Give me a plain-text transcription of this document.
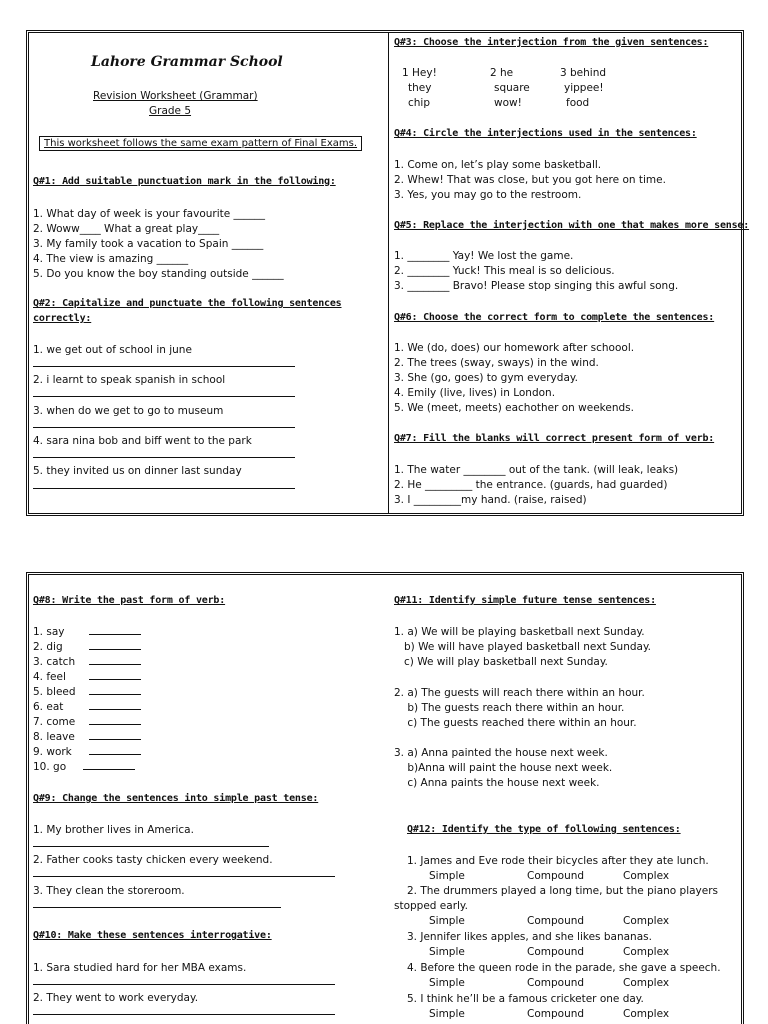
Lahore Grammar School
Revision Worksheet (Grammar)
Grade 5
This worksheet follows the same exam pattern of Final Exams.
Q#1: Add suitable punctuation mark in the following:
1. What day of week is your favourite ______
2. Woww____ What a great play____
3. My family took a vacation to Spain ______
4. The view is amazing ______
5. Do you know the boy standing outside ______
Q#2: Capitalize and punctuate the following sentences
correctly:
1. we get out of school in june
2. i learnt to speak spanish in school
3. when do we get to go to museum
4. sara nina bob and biff went to the park
5. they invited us on dinner last sunday
Q#3: Choose the interjection from the given sentences:
1 Hey!	2 he	3 behind
they	square	yippee!
chip	wow!	food
Q#4: Circle the interjections used in the sentences:
1. Come on, let’s play some basketball.
2. Whew! That was close, but you got here on time.
3. Yes, you may go to the restroom.
Q#5: Replace the interjection with one that makes more sense:
1. ________ Yay! We lost the game.
2. ________ Yuck! This meal is so delicious.
3. ________ Bravo! Please stop singing this awful song.
Q#6: Choose the correct form to complete the sentences:
1. We (do, does) our homework after schoool.
2. The trees (sway, sways) in the wind.
3. She (go, goes) to gym everyday.
4. Emily (live, lives) in London.
5. We (meet, meets) eachother on weekends.
Q#7: Fill the blanks will correct present form of verb:
1. The water ________ out of the tank. (will leak, leaks)
2. He _________ the entrance. (guards, had guarded)
3. I _________my hand. (raise, raised)
Q#8: Write the past form of verb:
1. say
2. dig
3. catch
4. feel
5. bleed
6. eat
7. come
8. leave
9. work
10. go
Q#9: Change the sentences into simple past tense:
1. My brother lives in America.
2. Father cooks tasty chicken every weekend.
3. They clean the storeroom.
Q#10: Make these sentences interrogative:
1. Sara studied hard for her MBA exams.
2. They went to work everyday.
Q#11: Identify simple future tense sentences:
1. a) We will be playing basketball next Sunday.
b) We will have played basketball next Sunday.
c) We will play basketball next Sunday.
2. a) The guests will reach there within an hour.
b) The guests reach there within an hour.
c) The guests reached there within an hour.
3. a) Anna painted the house next week.
b)Anna will paint the house next week.
c) Anna paints the house next week.
Q#12: Identify the type of following sentences:
1. James and Eve rode their bicycles after they ate lunch.
Simple	Compound	Complex
2. The drummers played a long time, but the piano players
stopped early.
Simple	Compound	Complex
3. Jennifer likes apples, and she likes bananas.
Simple	Compound	Complex
4. Before the queen rode in the parade, she gave a speech.
Simple	Compound	Complex
5. I think he’ll be a famous cricketer one day.
Simple	Compound	Complex
